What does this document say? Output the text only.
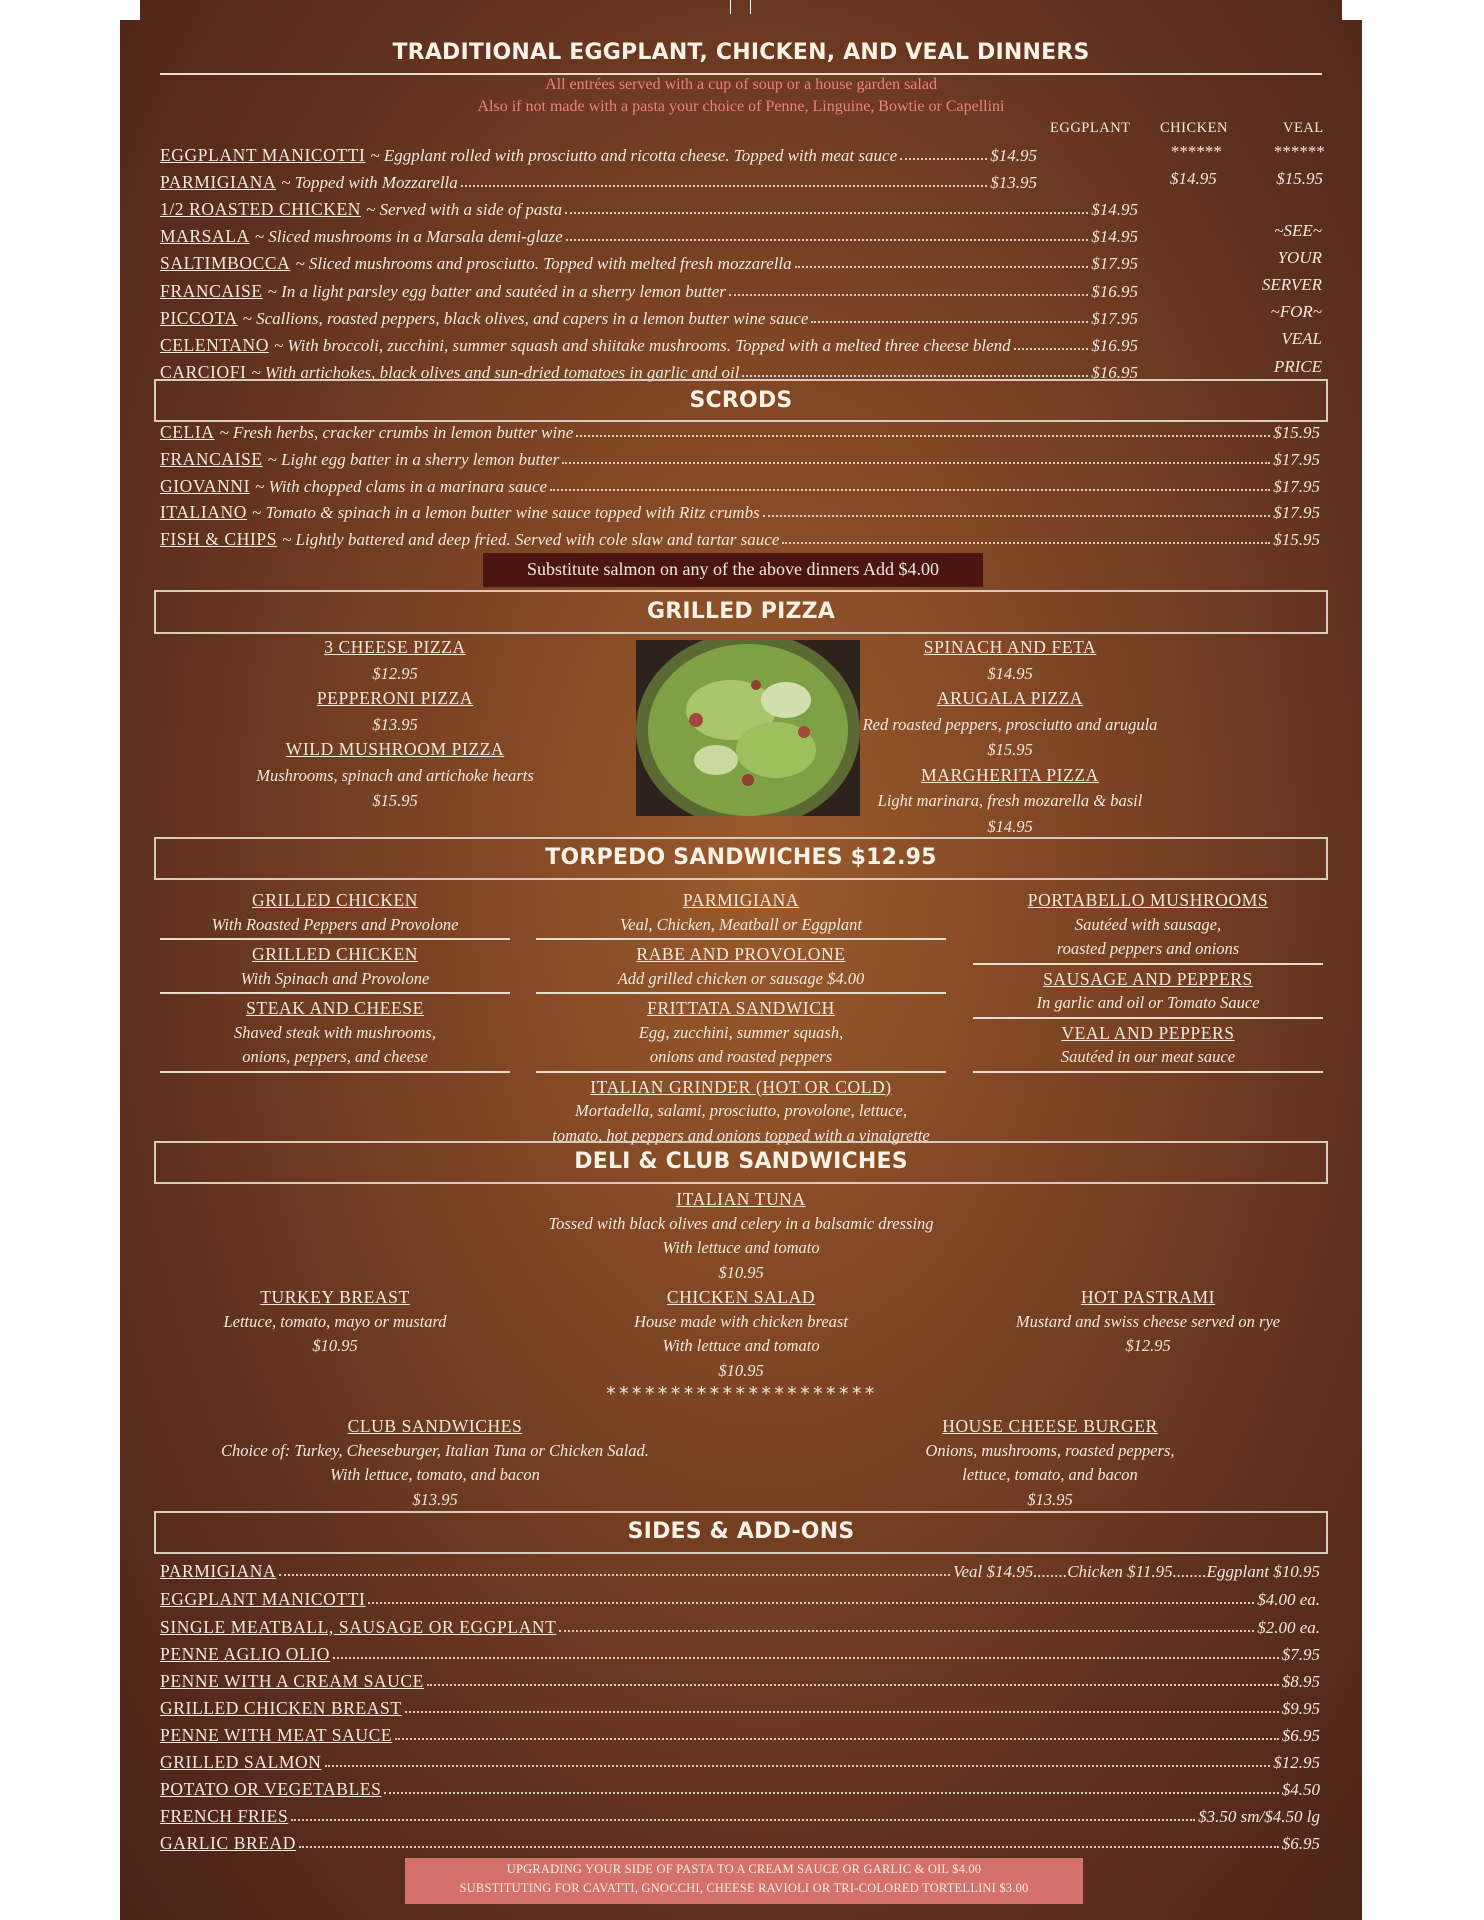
TRADITIONAL EGGPLANT, CHICKEN, AND VEAL DINNERS
All entrées served with a cup of soup or a house garden salad
Also if not made with a pasta your choice of Penne, Linguine, Bowtie or Capellini
EGGPLANT CHICKEN	VEAL
EGGPLANT MANICOTTI ~ Eggplant rolled with prosciutto and ricotta cheese. Topped with meat sauce	$14.95	******	******
PARMIGIANA ~ Topped with Mozzarella	$13.95	$14.95	$15.95
1/2 ROASTED CHICKEN ~ Served with a side of pasta	$14.95
MARSALA ~ Sliced mushrooms in a Marsala demi-glaze	$14.95
SALTIMBOCCA ~ Sliced mushrooms and prosciutto. Topped with melted fresh mozzarella	$17.95
FRANCAISE ~ In a light parsley egg batter and sautéed in a sherry lemon butter	$16.95
PICCOTA ~ Scallions, roasted peppers, black olives, and capers in a lemon butter wine sauce	$17.95
CELENTANO ~ With broccoli, zucchini, summer squash and shiitake mushrooms. Topped with a melted three cheese blend	$16.95
CARCIOFI ~ With artichokes, black olives and sun-dried tomatoes in garlic and oil	$16.95
~SEE~
YOUR
SERVER
~FOR~
VEAL
PRICE
SCRODS
CELIA ~ Fresh herbs, cracker crumbs in lemon butter wine	$15.95
FRANCAISE ~ Light egg batter in a sherry lemon butter	$17.95
GIOVANNI ~ With chopped clams in a marinara sauce	$17.95
ITALIANO ~ Tomato & spinach in a lemon butter wine sauce topped with Ritz crumbs	$17.95
FISH & CHIPS ~ Lightly battered and deep fried. Served with cole slaw and tartar sauce	$15.95
Substitute salmon on any of the above dinners Add $4.00
GRILLED PIZZA
3 CHEESE PIZZA
$12.95
PEPPERONI PIZZA
$13.95
WILD MUSHROOM PIZZA
Mushrooms, spinach and artichoke hearts
$15.95
SPINACH AND FETA
$14.95
ARUGALA PIZZA
Red roasted peppers, prosciutto and arugula
$15.95
MARGHERITA PIZZA
Light marinara, fresh mozarella & basil
$14.95
TORPEDO SANDWICHES $12.95
GRILLED CHICKEN
With Roasted Peppers and Provolone
GRILLED CHICKEN
With Spinach and Provolone
STEAK AND CHEESE
Shaved steak with mushrooms,
onions, peppers, and cheese
PARMIGIANA
Veal, Chicken, Meatball or Eggplant
RABE AND PROVOLONE
Add grilled chicken or sausage $4.00
FRITTATA SANDWICH
Egg, zucchini, summer squash,
onions and roasted peppers
ITALIAN GRINDER (HOT OR COLD)
Mortadella, salami, prosciutto, provolone, lettuce,
tomato, hot peppers and onions topped with a vinaigrette
PORTABELLO MUSHROOMS
Sautéed with sausage,
roasted peppers and onions
SAUSAGE AND PEPPERS
In garlic and oil or Tomato Sauce
VEAL AND PEPPERS
Sautéed in our meat sauce
DELI & CLUB SANDWICHES
ITALIAN TUNA
Tossed with black olives and celery in a balsamic dressing
With lettuce and tomato
$10.95
TURKEY BREAST
Lettuce, tomato, mayo or mustard
$10.95
CHICKEN SALAD
House made with chicken breast
With lettuce and tomato
$10.95
HOT PASTRAMI
Mustard and swiss cheese served on rye
$12.95
*********************
CLUB SANDWICHES
Choice of: Turkey, Cheeseburger, Italian Tuna or Chicken Salad.
With lettuce, tomato, and bacon
$13.95
HOUSE CHEESE BURGER
Onions, mushrooms, roasted peppers,
lettuce, tomato, and bacon
$13.95
SIDES & ADD-ONS
PARMIGIANA	Veal $14.95........Chicken $11.95........Eggplant $10.95
EGGPLANT MANICOTTI	$4.00 ea.
SINGLE MEATBALL, SAUSAGE OR EGGPLANT	$2.00 ea.
PENNE AGLIO OLIO	$7.95
PENNE WITH A CREAM SAUCE	$8.95
GRILLED CHICKEN BREAST	$9.95
PENNE WITH MEAT SAUCE	$6.95
GRILLED SALMON	$12.95
POTATO OR VEGETABLES	$4.50
FRENCH FRIES	$3.50 sm/$4.50 lg
GARLIC BREAD	$6.95
UPGRADING YOUR SIDE OF PASTA TO A CREAM SAUCE OR GARLIC & OIL $4.00
SUBSTITUTING FOR CAVATTI, GNOCCHI, CHEESE RAVIOLI OR TRI-COLORED TORTELLINI $3.00
